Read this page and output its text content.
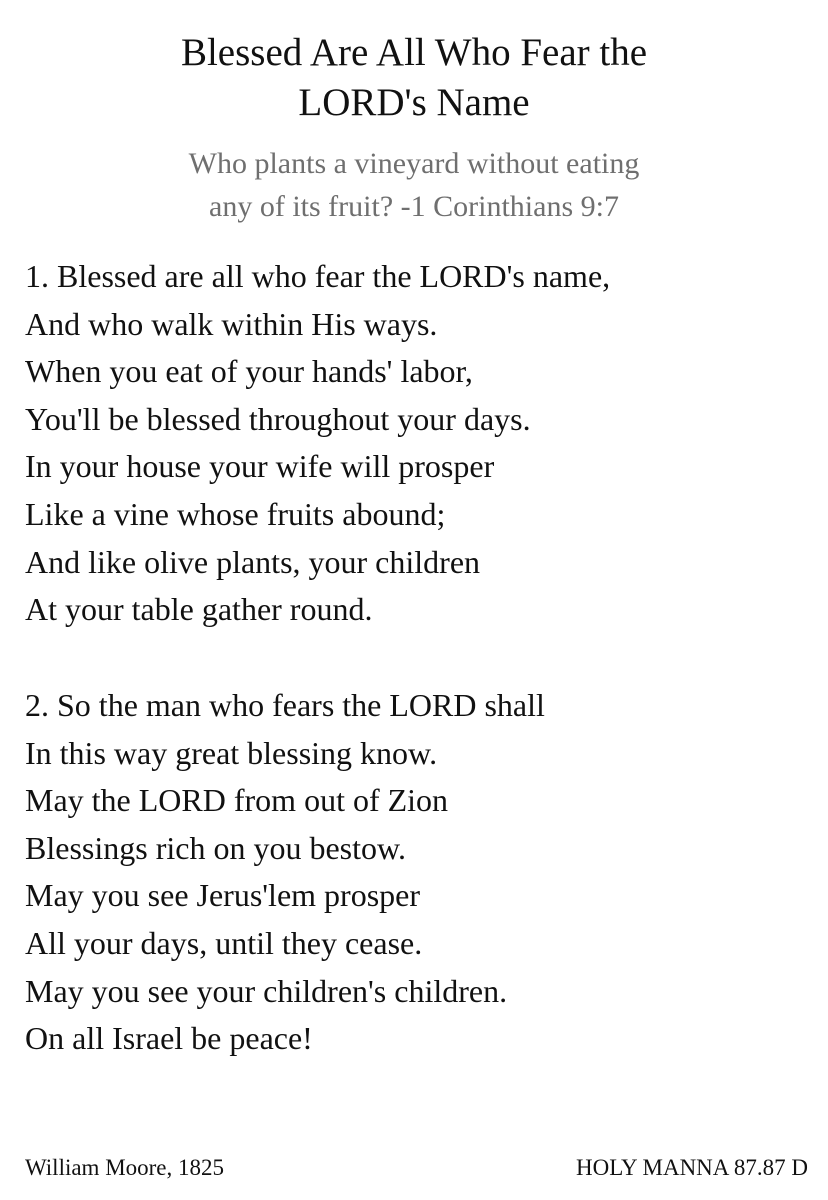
Blessed Are All Who Fear the
LORD's Name
Who plants a vineyard without eating
any of its fruit? -1 Corinthians 9:7
1. Blessed are all who fear the LORD's name,
And who walk within His ways.
When you eat of your hands' labor,
You'll be blessed throughout your days.
In your house your wife will prosper
Like a vine whose fruits abound;
And like olive plants, your children
At your table gather round.
2. So the man who fears the LORD shall
In this way great blessing know.
May the LORD from out of Zion
Blessings rich on you bestow.
May you see Jerus'lem prosper
All your days, until they cease.
May you see your children's children.
On all Israel be peace!
William Moore, 1825	HOLY MANNA 87.87 D
